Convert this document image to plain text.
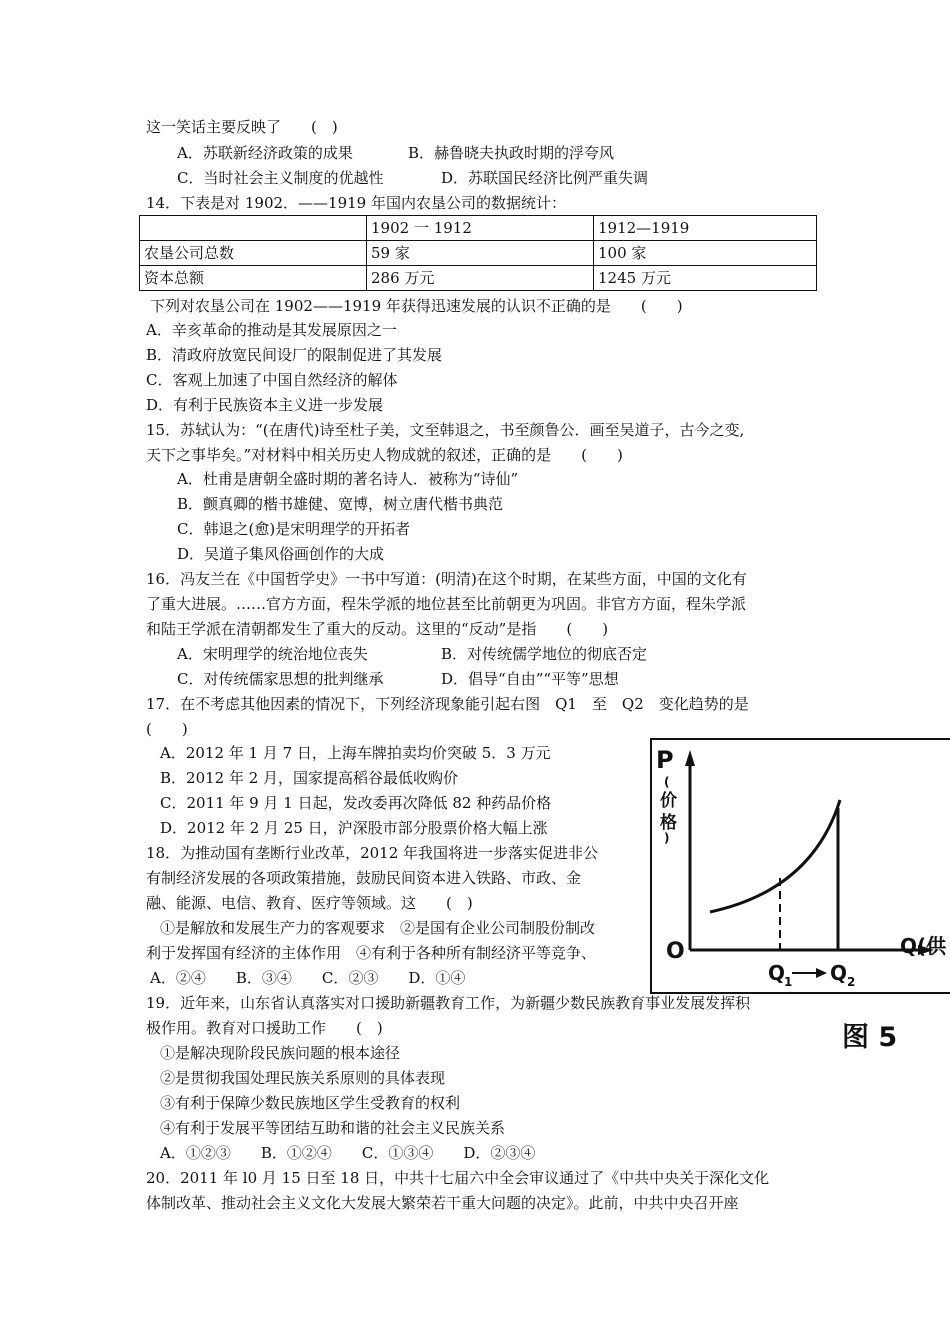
这一笑话主要反映了　　(　)
A．苏联新经济政策的成果	B．赫鲁晓夫执政时期的浮夸风
C．当时社会主义制度的优越性	D．苏联国民经济比例严重失调
14．下表是对 1902．——1919 年国内农垦公司的数据统计：
	1902 一 1912	1912—1919
农垦公司总数	59 家	100 家
资本总额	286 万元	1245 万元
下列对农垦公司在 1902——1919 年获得迅速发展的认识不正确的是　　(　　)
A．辛亥革命的推动是其发展原因之一
B．清政府放宽民间设厂的限制促进了其发展
C．客观上加速了中国自然经济的解体
D．有利于民族资本主义进一步发展
15．苏轼认为：“(在唐代)诗至杜子美，文至韩退之，书至颜鲁公．画至吴道子，古今之变,
天下之事毕矣。”对材料中相关历史人物成就的叙述，正确的是　　(　　)
A．杜甫是唐朝全盛时期的著名诗人．被称为“诗仙”
B．颤真卿的楷书雄健、宽博，树立唐代楷书典范
C．韩退之(愈)是宋明理学的开拓者
D．吴道子集风俗画创作的大成
16．冯友兰在《中国哲学史》一书中写道：(明清)在这个时期，在某些方面，中国的文化有
了重大进展。……官方方面，程朱学派的地位甚至比前朝更为巩固。非官方方面，程朱学派
和陆王学派在清朝都发生了重大的反动。这里的“反动”是指　　(　　)
A．宋明理学的统治地位丧失	B．对传统儒学地位的彻底否定
C．对传统儒家思想的批判继承	D．倡导“自由”“平等”思想
17．在不考虑其他因素的情况下，下列经济现象能引起右图　Q1　至　Q2　变化趋势的是
(　　)
A．2012 年 1 月 7 日，上海车牌拍卖均价突破 5．3 万元
B．2012 年 2 月，国家提高稻谷最低收购价
C．2011 年 9 月 1 日起，发改委再次降低 82 种药品价格
D．2012 年 2 月 25 日，沪深股市部分股票价格大幅上涨
18．为推动国有垄断行业改革，2012 年我国将进一步落实促进非公
有制经济发展的各项政策措施，鼓励民间资本进入铁路、市政、金
融、能源、电信、教育、医疗等领域。这　　(　)
①是解放和发展生产力的客观要求　②是国有企业公司制股份制改
利于发挥国有经济的主体作用　④有利于各种所有制经济平等竞争、
A．②④　　B．③④　　C．②③　　D．①④
P
(
价
格
)
O	Q(供
Q
1 Q 2
图 5
19．近年来，山东省认真落实对口援助新疆教育工作，为新疆少数民族教育事业发展发挥积
极作用。教育对口援助工作　　(　)
①是解决现阶段民族问题的根本途径
②是贯彻我国处理民族关系原则的具体表现
③有利于保障少数民族地区学生受教育的权利
④有利于发展平等团结互助和谐的社会主义民族关系
A．①②③　　B．①②④　　C．①③④　　D．②③④
20．2011 年 l0 月 15 日至 18 日，中共十七届六中全会审议通过了《中共中央关于深化文化
体制改革、推动社会主义文化大发展大繁荣若干重大问题的决定》。此前，中共中央召开座
